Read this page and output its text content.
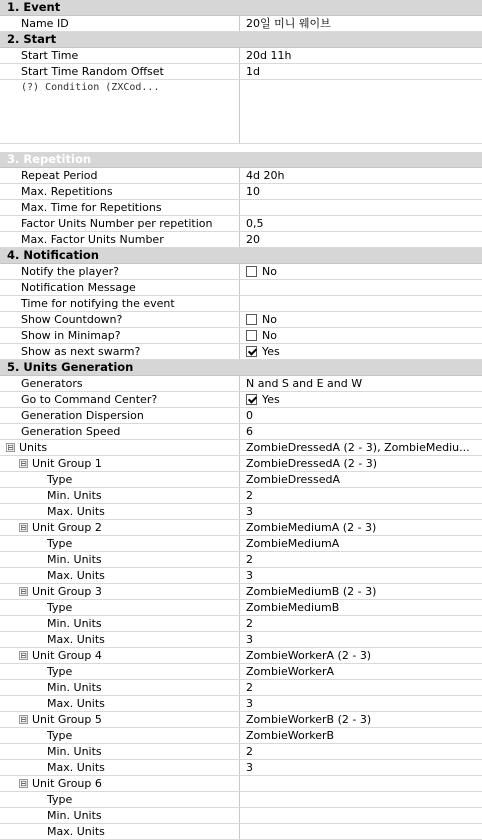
1. Event
Name ID	20일 미니 웨이브
2. Start
Start Time	20d 11h
Start Time Random Offset	1d
(?) Condition (ZXCod...
3. Repetition
Repeat Period	4d 20h
Max. Repetitions	10
Max. Time for Repetitions
Factor Units Number per repetition	0,5
Max. Factor Units Number	20
4. Notification
Notify the player?	No
Notification Message
Time for notifying the event
Show Countdown?	No
Show in Minimap?	No
Show as next swarm?	Yes
5. Units Generation
Generators	N and S and E and W
Go to Command Center?	Yes
Generation Dispersion	0
Generation Speed	6
⊟ Units	ZombieDressedA (2 - 3), ZombieMediu...
⊟ Unit Group 1	ZombieDressedA (2 - 3)
Type	ZombieDressedA
Min. Units	2
Max. Units	3
⊟ Unit Group 2	ZombieMediumA (2 - 3)
Type	ZombieMediumA
Min. Units	2
Max. Units	3
⊟ Unit Group 3	ZombieMediumB (2 - 3)
Type	ZombieMediumB
Min. Units	2
Max. Units	3
⊟ Unit Group 4	ZombieWorkerA (2 - 3)
Type	ZombieWorkerA
Min. Units	2
Max. Units	3
⊟ Unit Group 5	ZombieWorkerB (2 - 3)
Type	ZombieWorkerB
Min. Units	2
Max. Units	3
⊟ Unit Group 6
Type
Min. Units
Max. Units
